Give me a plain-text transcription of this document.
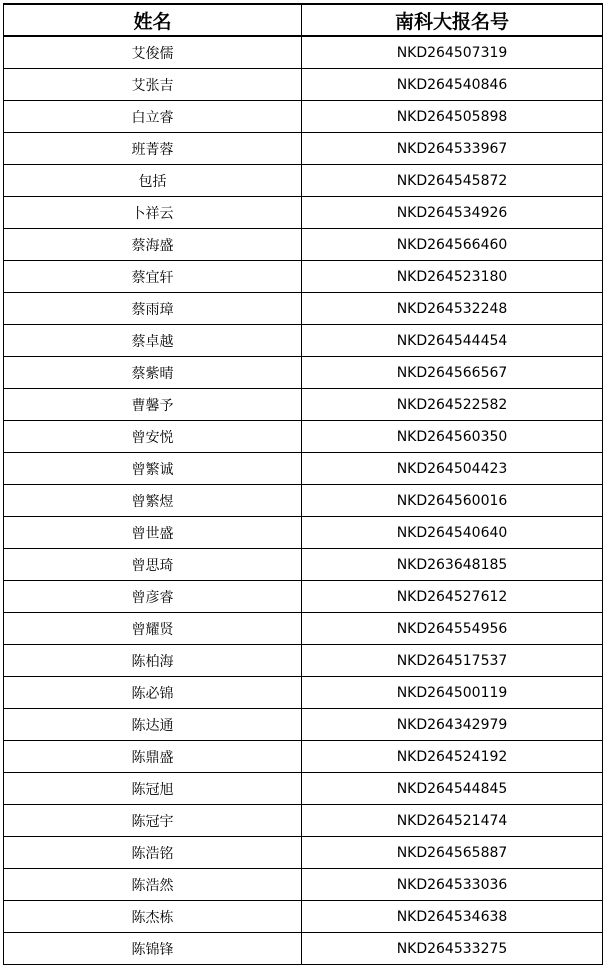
姓名	南科大报名号
艾俊儒	NKD264507319
艾张吉	NKD264540846
白立睿	NKD264505898
班菁蓉	NKD264533967
包括	NKD264545872
卜祥云	NKD264534926
蔡海盛	NKD264566460
蔡宜轩	NKD264523180
蔡雨璋	NKD264532248
蔡卓越	NKD264544454
蔡紫晴	NKD264566567
曹馨予	NKD264522582
曾安悦	NKD264560350
曾繁诚	NKD264504423
曾繁煜	NKD264560016
曾世盛	NKD264540640
曾思琦	NKD263648185
曾彦睿	NKD264527612
曾耀贤	NKD264554956
陈柏海	NKD264517537
陈必锦	NKD264500119
陈达通	NKD264342979
陈鼎盛	NKD264524192
陈冠旭	NKD264544845
陈冠宇	NKD264521474
陈浩铭	NKD264565887
陈浩然	NKD264533036
陈杰栋	NKD264534638
陈锦锋	NKD264533275
